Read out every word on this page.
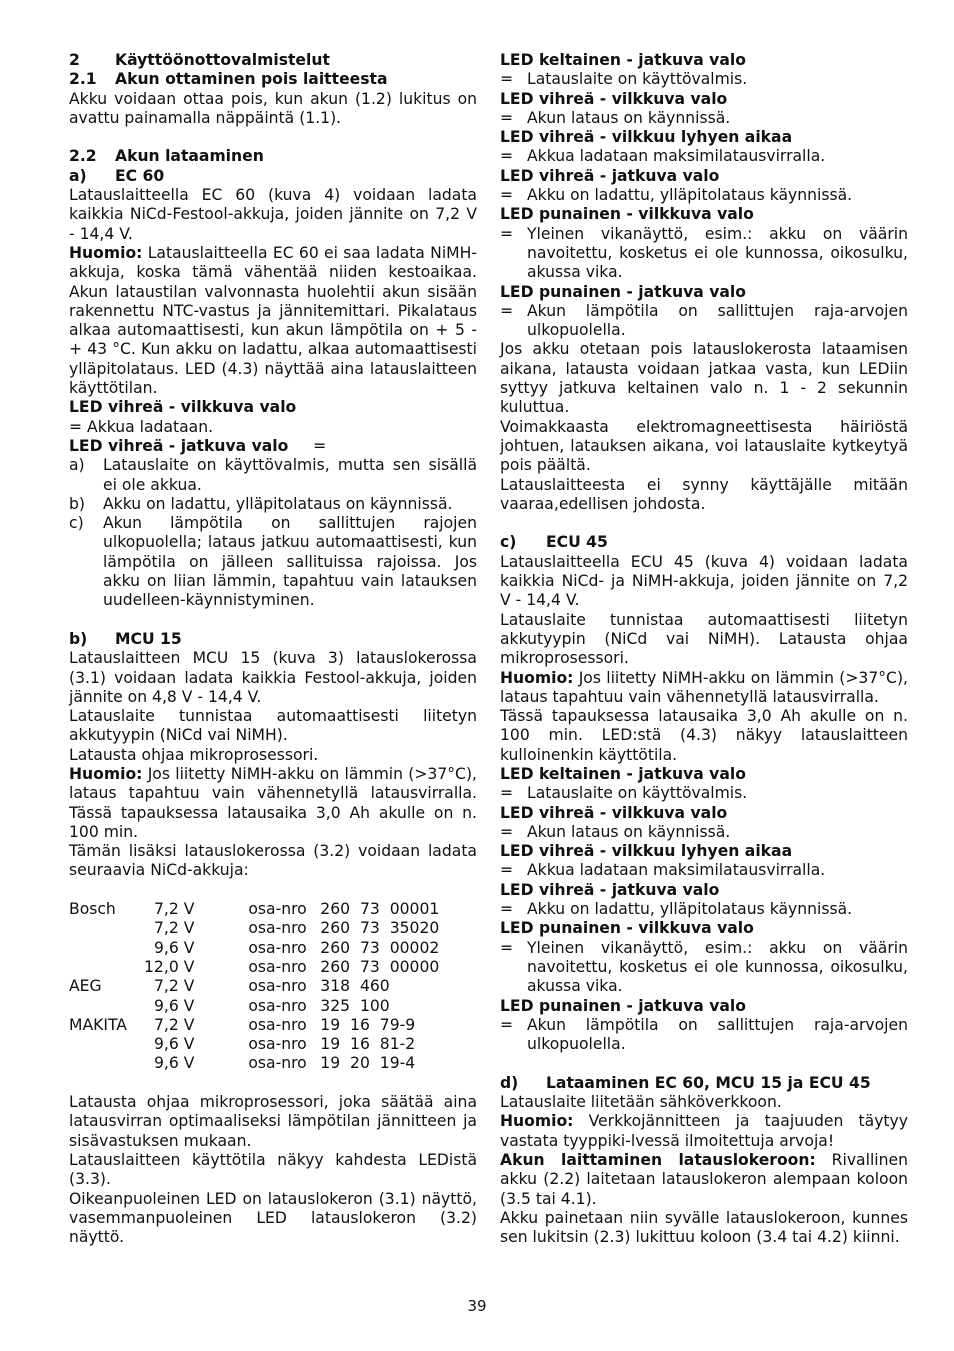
2	Käyttöönottovalmistelut
2.1	Akun ottaminen pois laitteesta

Akku voidaan ottaa pois, kun akun (1.2) lukitus on avattu painamalla näppäintä (1.1).

2.2	Akun lataaminen
a)	EC 60

Latauslaitteella EC 60 (kuva 4) voidaan ladata kaikkia NiCd-Festool-akkuja, joiden jännite on 7,2 V - 14,4 V.

Huomio: Latauslaitteella EC 60 ei saa ladata NiMH-akkuja, koska tämä vähentää niiden kestoaikaa. Akun lataustilan valvonnasta huolehtii akun sisään rakennettu NTC-vastus ja jännitemittari. Pikalataus alkaa automaattisesti, kun akun lämpötila on + 5 - + 43 °C. Kun akku on ladattu, alkaa automaattisesti ylläpitolataus. LED (4.3) näyttää aina latauslaitteen käyttötilan.

LED vihreä - vilkkuva valo

= Akkua ladataan.

LED vihreä - jatkuva valo     =

a)	Latauslaite on käyttövalmis, mutta sen sisällä ei ole akkua.
b)	Akku on ladattu, ylläpitolataus on käynnissä.
c)	Akun lämpötila on sallittujen rajojen ulkopuolella; lataus jatkuu automaattisesti, kun lämpötila on jälleen sallituissa rajoissa. Jos akku on liian lämmin, tapahtuu vain latauksen uudelleen-käynnistyminen.
b)	MCU 15

Latauslaitteen MCU 15 (kuva 3) latauslokerossa (3.1) voidaan ladata kaikkia Festool-akkuja, joiden jännite on 4,8 V - 14,4 V.

Latauslaite tunnistaa automaattisesti liitetyn akkutyypin (NiCd vai NiMH).

Latausta ohjaa mikroprosessori.

Huomio: Jos liitetty NiMH-akku on lämmin (>37°C), lataus tapahtuu vain vähennetyllä latausvirralla. Tässä tapauksessa latausaika 3,0 Ah akulle on n. 100 min.

Tämän lisäksi latauslokerossa (3.2) voidaan ladata seuraavia NiCd-akkuja:

Bosch	7,2 V	osa-nro 260  73  00001
7,2 V	osa-nro 260  73  35020
9,6 V	osa-nro 260  73  00002
12,0 V	osa-nro 260  73  00000
AEG	7,2 V	osa-nro 318  460
9,6 V	osa-nro 325  100
MAKITA	7,2 V	osa-nro 19  16  79-9
9,6 V	osa-nro 19  16  81-2
9,6 V	osa-nro 19  20  19-4

Latausta ohjaa mikroprosessori, joka säätää aina latausvirran optimaaliseksi lämpötilan jännitteen ja sisävastuksen mukaan.

Latauslaitteen käyttötila näkyy kahdesta LEDistä (3.3).

Oikeanpuoleinen LED on latauslokeron (3.1) näyttö, vasemmanpuoleinen LED latauslokeron (3.2) näyttö.

LED keltainen - jatkuva valo

= Latauslaite on käyttövalmis.

LED vihreä - vilkkuva valo

= Akun lataus on käynnissä.

LED vihreä - vilkkuu lyhyen aikaa

= Akkua ladataan maksimilatausvirralla.

LED vihreä - jatkuva valo

= Akku on ladattu, ylläpitolataus käynnissä.

LED punainen - vilkkuva valo

= Yleinen vikanäyttö, esim.: akku on väärin navoitettu, kosketus ei ole kunnossa, oikosulku, akussa vika.

LED punainen - jatkuva valo

= Akun lämpötila on sallittujen raja-arvojen ulkopuolella.

Jos akku otetaan pois latauslokerosta lataamisen aikana, latausta voidaan jatkaa vasta, kun LEDiin syttyy jatkuva keltainen valo n. 1 - 2 sekunnin kuluttua.

Voimakkaasta elektromagneettisesta häiriöstä johtuen, latauksen aikana, voi latauslaite kytkeytyä pois päältä.

Latauslaitteesta ei synny käyttäjälle mitään vaaraa,edellisen johdosta.

c)	ECU 45

Latauslaitteella ECU 45 (kuva 4) voidaan ladata kaikkia NiCd- ja NiMH-akkuja, joiden jännite on 7,2 V - 14,4 V.

Latauslaite tunnistaa automaattisesti liitetyn akkutyypin (NiCd vai NiMH). Latausta ohjaa mikroprosessori.

Huomio: Jos liitetty NiMH-akku on lämmin (>37°C), lataus tapahtuu vain vähennetyllä latausvirralla.

Tässä tapauksessa latausaika 3,0 Ah akulle on n. 100 min. LED:stä (4.3) näkyy latauslaitteen kulloinenkin käyttötila.

LED keltainen - jatkuva valo

= Latauslaite on käyttövalmis.

LED vihreä - vilkkuva valo

= Akun lataus on käynnissä.

LED vihreä - vilkkuu lyhyen aikaa

= Akkua ladataan maksimilatausvirralla.

LED vihreä - jatkuva valo

= Akku on ladattu, ylläpitolataus käynnissä.

LED punainen - vilkkuva valo

= Yleinen vikanäyttö, esim.: akku on väärin navoitettu, kosketus ei ole kunnossa, oikosulku, akussa vika.

LED punainen - jatkuva valo

= Akun lämpötila on sallittujen raja-arvojen ulkopuolella.
d)	Lataaminen EC 60, MCU 15 ja ECU 45

Latauslaite liitetään sähköverkkoon.

Huomio: Verkkojännitteen ja taajuuden täytyy vastata tyyppiki-lvessä ilmoitettuja arvoja!

Akun laittaminen latauslokeroon: Rivallinen akku (2.2) laitetaan latauslokeron alempaan koloon (3.5 tai 4.1).

Akku painetaan niin syvälle latauslokeroon, kunnes sen lukitsin (2.3) lukittuu koloon (3.4 tai 4.2) kiinni.

39
